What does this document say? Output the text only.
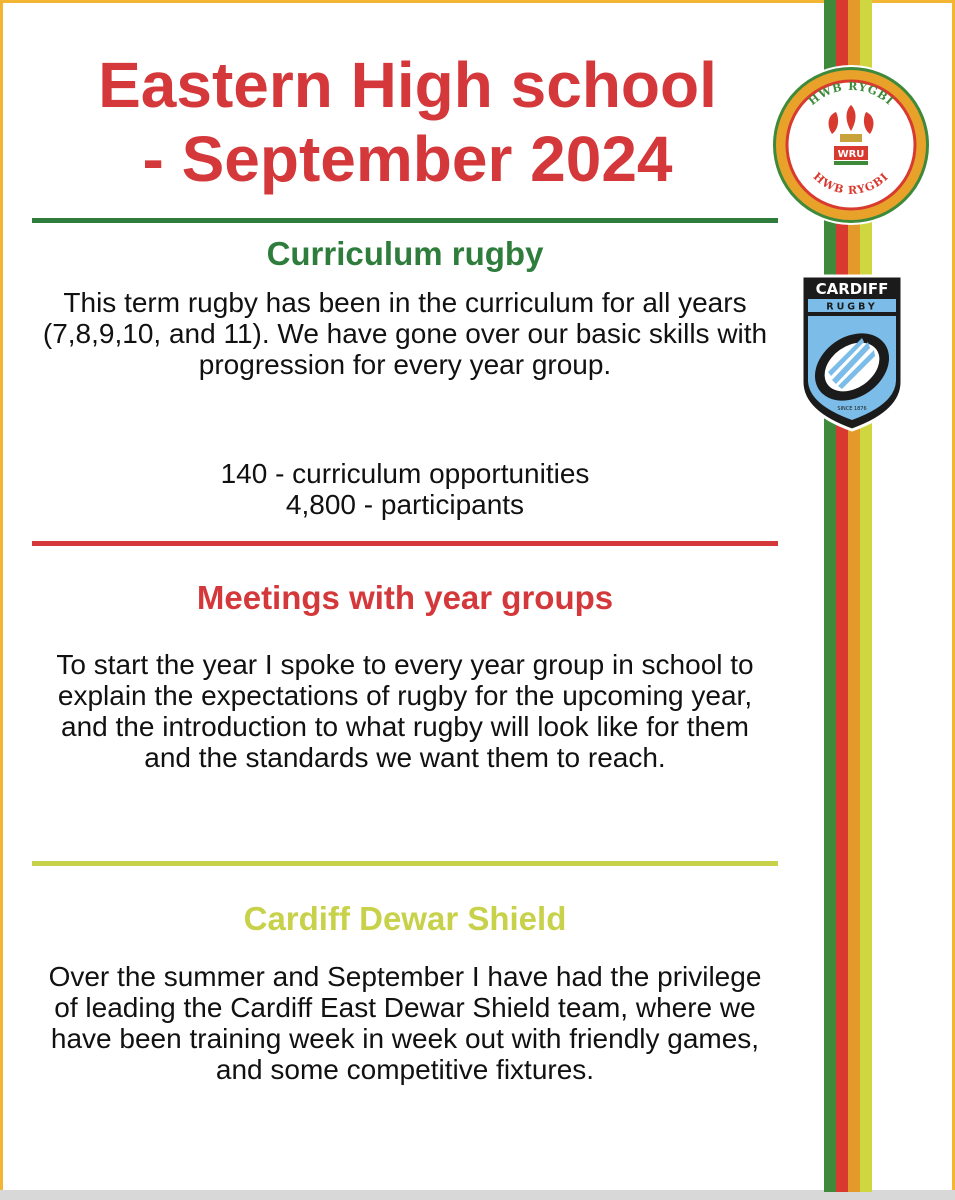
HWB RYGBI
HWB RYGBI
WRU
CARDIFF
RUGBY
SINCE 1876
Eastern High school
- September 2024
Curriculum rugby
This term rugby has been in the curriculum for all years (7,8,9,10, and 11). We have gone over our basic skills with progression for every year group.
140 - curriculum opportunities
4,800 - participants
Meetings with year groups
To start the year I spoke to every year group in school to explain the expectations of rugby for the upcoming year, and the introduction to what rugby will look like for them and the standards we want them to reach.
Cardiff Dewar Shield
Over the summer and September I have had the privilege of leading the Cardiff East Dewar Shield team, where we have been training week in week out with friendly games, and some competitive fixtures.
